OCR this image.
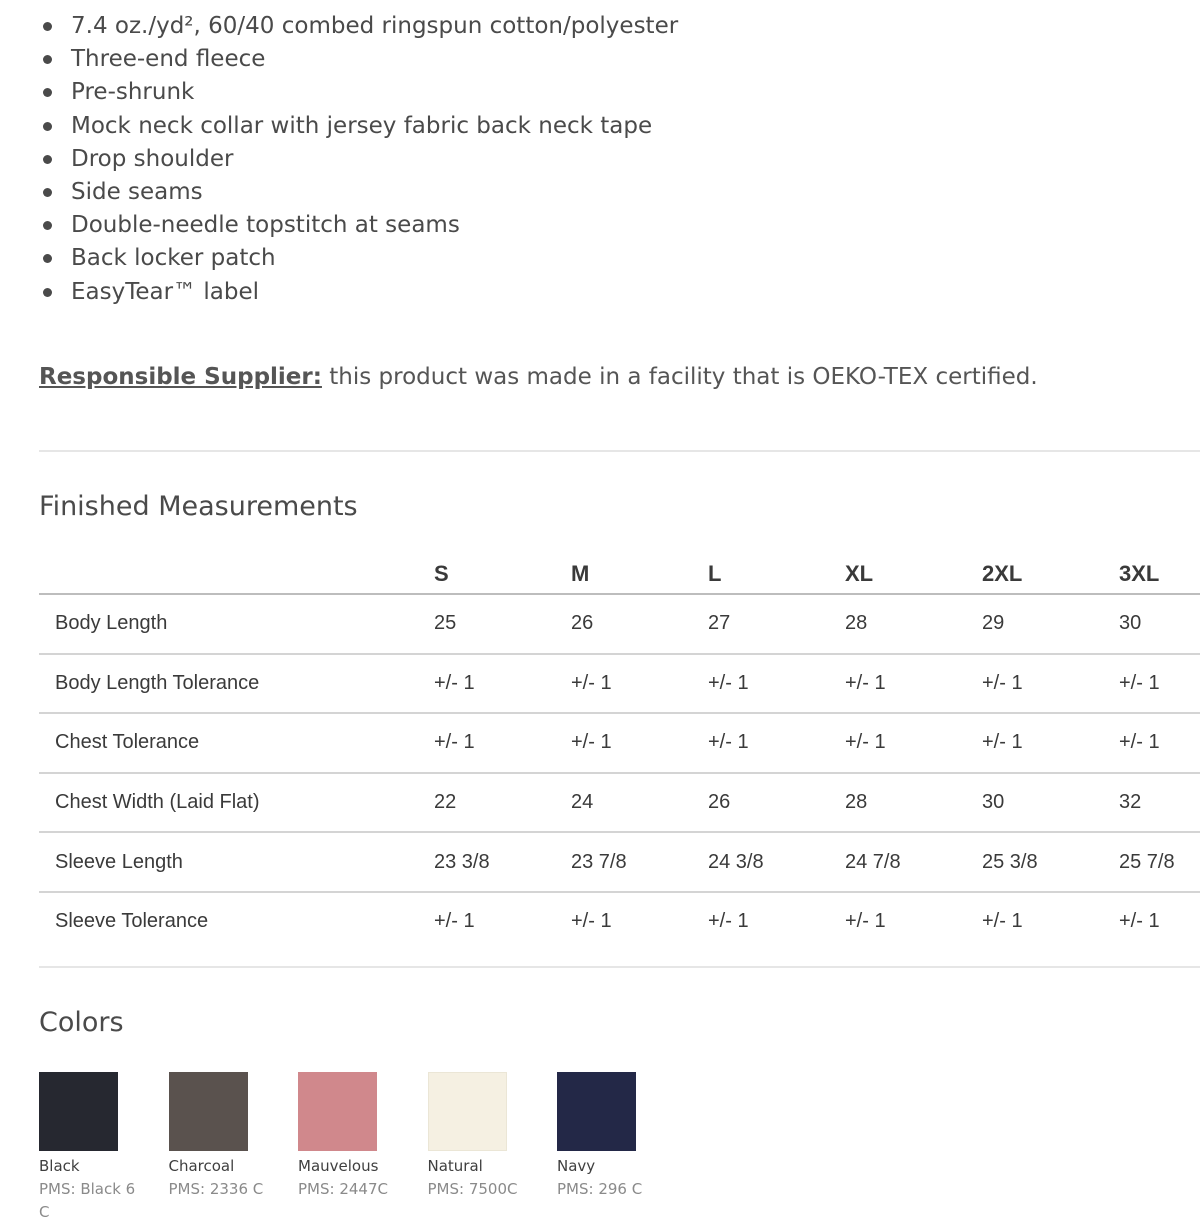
7.4 oz./yd², 60/40 combed ringspun cotton/polyester
Three-end fleece
Pre-shrunk
Mock neck collar with jersey fabric back neck tape
Drop shoulder
Side seams
Double-needle topstitch at seams
Back locker patch
EasyTear™ label
Responsible Supplier: this product was made in a facility that is OEKO-TEX certified.
Finished Measurements
	S	M	L	XL	2XL	3XL
Body Length	25	26	27	28	29	30
Body Length Tolerance	+/- 1	+/- 1	+/- 1	+/- 1	+/- 1	+/- 1
Chest Tolerance	+/- 1	+/- 1	+/- 1	+/- 1	+/- 1	+/- 1
Chest Width (Laid Flat)	22	24	26	28	30	32
Sleeve Length	23 3/8	23 7/8	24 3/8	24 7/8	25 3/8	25 7/8
Sleeve Tolerance	+/- 1	+/- 1	+/- 1	+/- 1	+/- 1	+/- 1
Colors
Black
PMS: Black 6 C
Charcoal
PMS: 2336 C
Mauvelous
PMS: 2447C
Natural
PMS: 7500C
Navy
PMS: 296 C
